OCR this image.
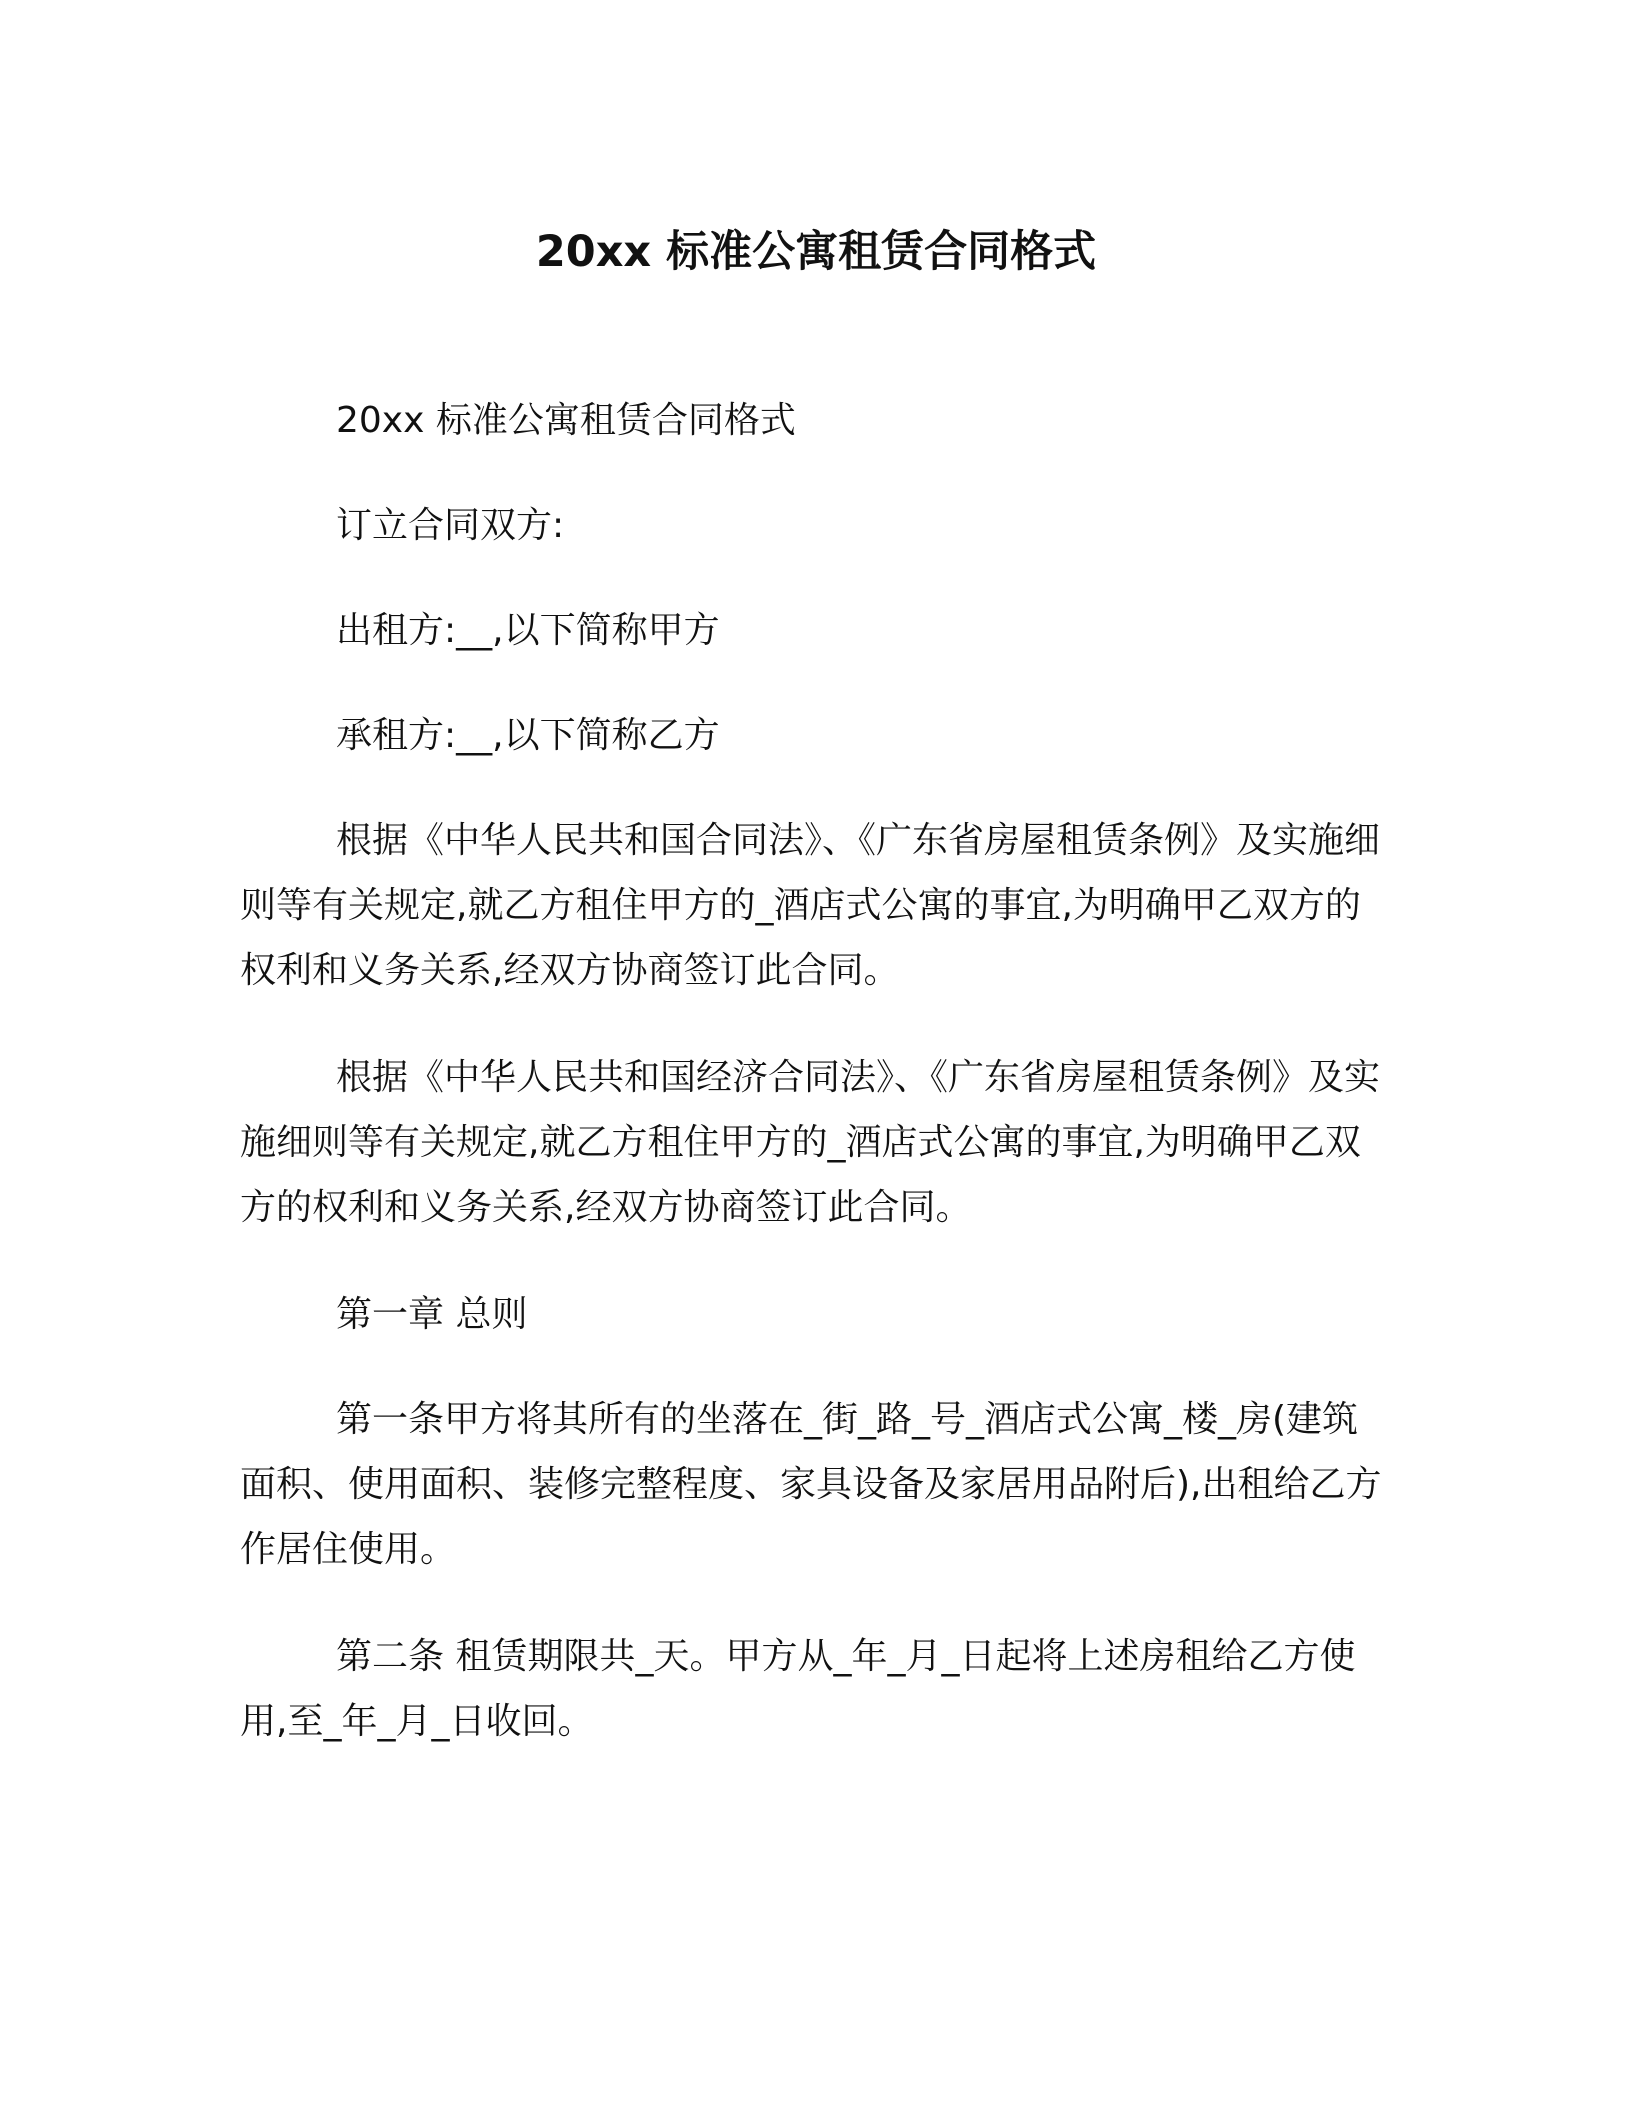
20xx 标准公寓租赁合同格式

20xx 标准公寓租赁合同格式

订立合同双方:

出租方:__,以下简称甲方

承租方:__,以下简称乙方

根据《中华人民共和国合同法》、《广东省房屋租赁条例》及实施细则等有关规定,就乙方租住甲方的_酒店式公寓的事宜,为明确甲乙双方的权利和义务关系,经双方协商签订此合同。

根据《中华人民共和国经济合同法》、《广东省房屋租赁条例》及实施细则等有关规定,就乙方租住甲方的_酒店式公寓的事宜,为明确甲乙双方的权利和义务关系,经双方协商签订此合同。

第一章 总则

第一条甲方将其所有的坐落在_街_路_号_酒店式公寓_楼_房(建筑面积、使用面积、装修完整程度、家具设备及家居用品附后),出租给乙方作居住使用。

第二条 租赁期限共_天。甲方从_年_月_日起将上述房租给乙方使用,至_年_月_日收回。
